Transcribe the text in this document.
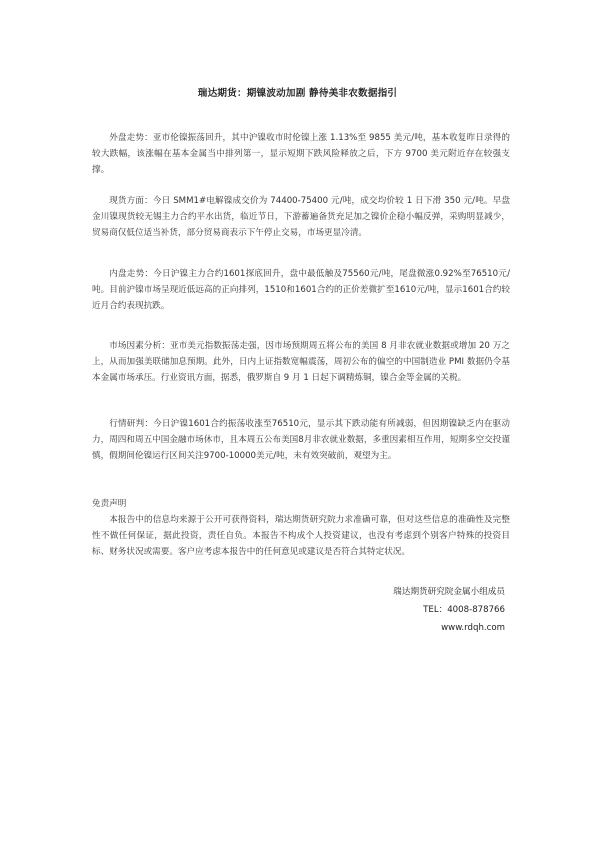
瑞达期货：期镍波动加剧 静待美非农数据指引

外盘走势：亚市伦镍振荡回升，其中沪镍收市时伦镍上涨 1.13%至 9855 美元/吨，基本收复昨日录得的较大跌幅，该涨幅在基本金属当中排列第一，显示短期下跌风险释放之后，下方 9700 美元附近存在较强支撑。

现货方面：今日 SMM1#电解镍成交价为 74400-75400 元/吨，成交均价较 1 日下滑 350 元/吨。早盘金川镍现货较无锡主力合约平水出货，临近节日，下游蓄遍备货充足加之镍价企稳小幅反弹，采购明显减少，贸易商仅低位适当补货，部分贸易商表示下午停止交易，市场更显冷清。

内盘走势：今日沪镍主力合约1601探底回升，盘中最低触及75560元/吨，尾盘微涨0.92%至76510元/吨。目前沪镍市场呈现近低远高的正向排列，1510和1601合约的正价差微扩至1610元/吨，显示1601合约较近月合约表现抗跌。

市场因素分析：亚市美元指数振荡走强，因市场预期周五将公布的美国 8 月非农就业数据或增加 20 万之上，从而加强美联储加息预期。此外，日内上证指数宽幅震荡，周初公布的偏空的中国制造业 PMI 数据仍令基本金属市场承压。行业资讯方面，据悉，俄罗斯自 9 月 1 日起下调精炼铜，镍合金等金属的关税。

行情研判：今日沪镍1601合约振荡收涨至76510元，显示其下跌动能有所减弱，但因期镍缺乏内在驱动力，周四和周五中国金融市场休市，且本周五公布美国8月非农就业数据，多重因素相互作用，短期多空交投谨慎，假期间伦镍运行区间关注9700-10000美元/吨，未有效突破前，观望为主。

免责声明

本报告中的信息均来源于公开可获得资料，瑞达期货研究院力求准确可靠，但对这些信息的准确性及完整性不做任何保证，据此投资，责任自负。本报告不构成个人投资建议，也没有考虑到个别客户特殊的投资目标、财务状况或需要。客户应考虑本报告中的任何意见或建议是否符合其特定状况。

瑞达期货研究院金属小组成员
TEL：4008-878766
www.rdqh.com
